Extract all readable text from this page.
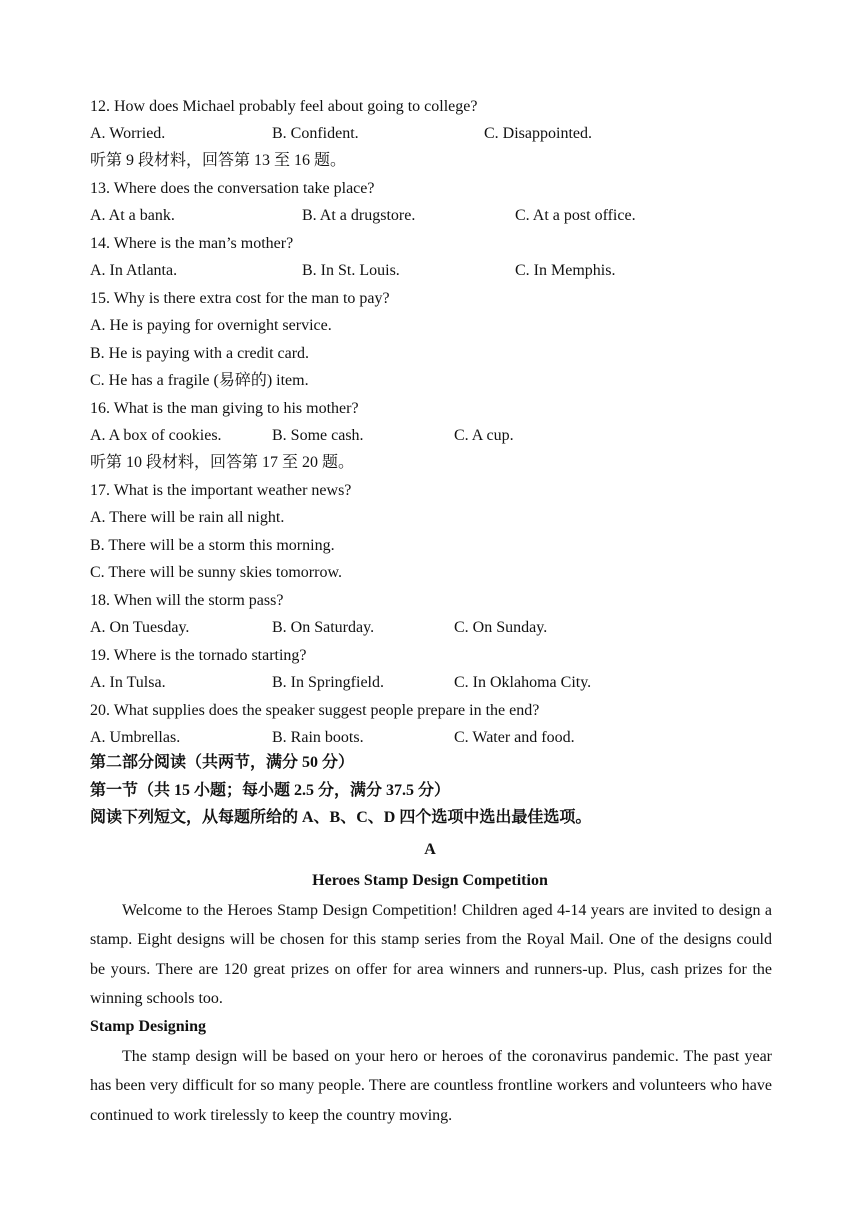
12. How does Michael probably feel about going to college?
A. Worried.	B. Confident.	C. Disappointed.
听第 9 段材料，回答第 13 至 16 题。
13. Where does the conversation take place?
A. At a bank.	B. At a drugstore.	C. At a post office.
14. Where is the man’s mother?
A. In Atlanta.	B. In St. Louis.	C. In Memphis.
15. Why is there extra cost for the man to pay?
A. He is paying for overnight service.
B. He is paying with a credit card.
C. He has a fragile (易碎的) item.
16. What is the man giving to his mother?
A. A box of cookies.	B. Some cash.	C. A cup.
听第 10 段材料，回答第 17 至 20 题。
17. What is the important weather news?
A. There will be rain all night.
B. There will be a storm this morning.
C. There will be sunny skies tomorrow.
18. When will the storm pass?
A. On Tuesday.	B. On Saturday.	C. On Sunday.
19. Where is the tornado starting?
A. In Tulsa.	B. In Springfield.	C. In Oklahoma City.
20. What supplies does the speaker suggest people prepare in the end?
A. Umbrellas.	B. Rain boots.	C. Water and food.
第二部分阅读（共两节，满分 50 分）
第一节（共 15 小题；每小题 2.5 分，满分 37.5 分）
阅读下列短文，从每题所给的 A、B、C、D 四个选项中选出最佳选项。
A
Heroes Stamp Design Competition
Welcome to the Heroes Stamp Design Competition! Children aged 4-14 years are invited to design a stamp. Eight designs will be chosen for this stamp series from the Royal Mail. One of the designs could be yours. There are 120 great prizes on offer for area winners and runners-up. Plus, cash prizes for the winning schools too.
Stamp Designing
The stamp design will be based on your hero or heroes of the coronavirus pandemic. The past year has been very difficult for so many people. There are countless frontline workers and volunteers who have continued to work tirelessly to keep the country moving.
